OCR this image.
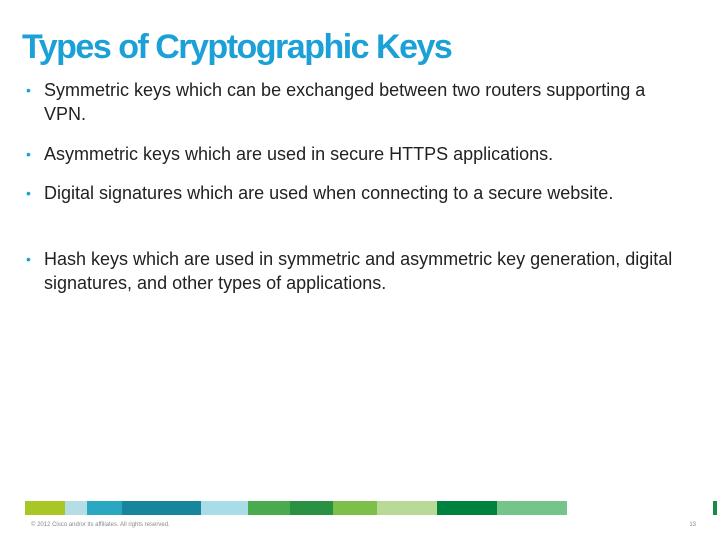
Types of Cryptographic Keys
• Symmetric keys which can be exchanged between two routers supporting a VPN.
• Asymmetric keys which are used in secure HTTPS applications.
• Digital signatures which are used when connecting to a secure website.
• Hash keys which are used in symmetric and asymmetric key generation, digital signatures, and other types of applications.
© 2012 Cisco and/or its affiliates. All rights reserved.	13
